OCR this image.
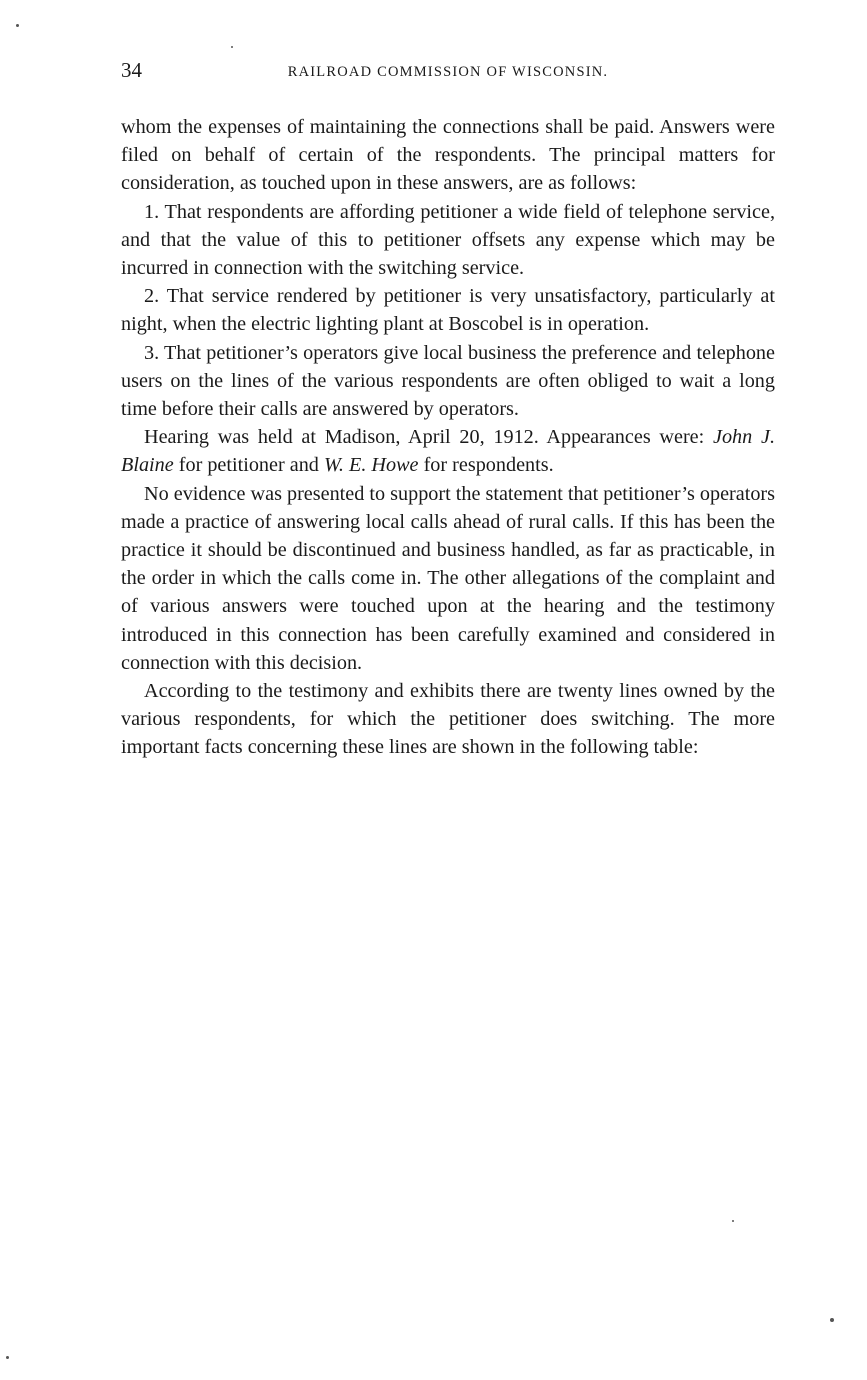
34	RAILROAD COMMISSION OF WISCONSIN.

whom the expenses of maintaining the connections shall be paid. Answers were filed on behalf of certain of the respondents. The principal matters for consideration, as touched upon in these answers, are as follows:

1. That respondents are affording petitioner a wide field of telephone service, and that the value of this to petitioner offsets any expense which may be incurred in connection with the switching service.

2. That service rendered by petitioner is very unsatisfactory, particularly at night, when the electric lighting plant at Boscobel is in operation.

3. That petitioner’s operators give local business the preference and telephone users on the lines of the various respondents are often obliged to wait a long time before their calls are answered by operators.

Hearing was held at Madison, April 20, 1912. Appearances were: John J. Blaine for petitioner and W. E. Howe for respondents.

No evidence was presented to support the statement that petitioner’s operators made a practice of answering local calls ahead of rural calls. If this has been the practice it should be discontinued and business handled, as far as practicable, in the order in which the calls come in. The other allegations of the complaint and of various answers were touched upon at the hearing and the testimony introduced in this connection has been carefully examined and considered in connection with this decision.

According to the testimony and exhibits there are twenty lines owned by the various respondents, for which the petitioner does switching. The more important facts concerning these lines are shown in the following table:
